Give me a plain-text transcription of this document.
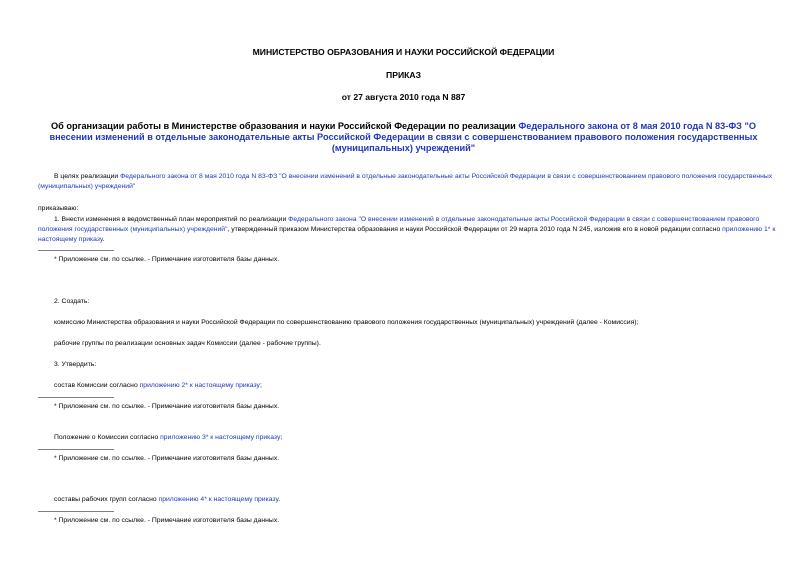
МИНИСТЕРСТВО ОБРАЗОВАНИЯ И НАУКИ РОССИЙСКОЙ ФЕДЕРАЦИИ
ПРИКАЗ
от 27 августа 2010 года N 887
Об организации работы в Министерстве образования и науки Российской Федерации по реализации Федерального закона от 8 мая 2010 года N 83-ФЗ "О внесении изменений в отдельные законодательные акты Российской Федерации в связи с совершенствованием правового положения государственных (муниципальных) учреждений"
В целях реализации Федерального закона от 8 мая 2010 года N 83-ФЗ "О внесении изменений в отдельные законодательные акты Российской Федерации в связи с совершенствованием правового положения государственных (муниципальных) учреждений"
приказываю:
1. Внести изменения в ведомственный план мероприятий по реализации Федерального закона "О внесении изменений в отдельные законодательные акты Российской Федерации в связи с совершенствованием правового положения государственных (муниципальных) учреждений", утвержденный приказом Министерства образования и науки Российской Федерации от 29 марта 2010 года N 245, изложив его в новой редакции согласно приложению 1* к настоящему приказу.
* Приложение см. по ссылке. - Примечание изготовителя базы данных.
2. Создать:
комиссию Министерства образования и науки Российской Федерации по совершенствованию правового положения государственных (муниципальных) учреждений (далее - Комиссия);
рабочие группы по реализации основных задач Комиссии (далее - рабочие группы).
3. Утвердить:
состав Комиссии согласно приложению 2* к настоящему приказу;
* Приложение см. по ссылке. - Примечание изготовителя базы данных.
Положение о Комиссии согласно приложению 3* к настоящему приказу;
* Приложение см. по ссылке. - Примечание изготовителя базы данных.
составы рабочих групп согласно приложению 4* к настоящему приказу.
* Приложение см. по ссылке. - Примечание изготовителя базы данных.
